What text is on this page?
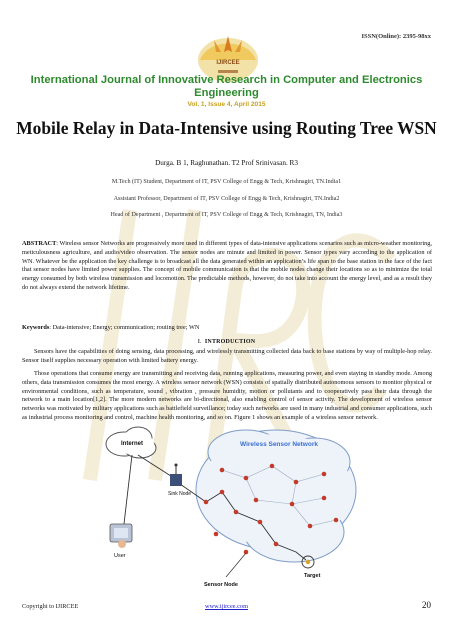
ISSN(Online): 2395-98xx
IJIRCEE
International Journal of Innovative Research in Computer and Electronics Engineering
Vol. 1, Issue 4, April 2015
Mobile Relay in Data-Intensive using Routing Tree WSN
Durga. B 1, Raghunathan. T2 Prof Srinivasan. R3
M.Tech (IT) Student, Department of IT, PSV College of Engg & Tech, Krishnagiri, TN.India1
Assistant Professor, Department of IT, PSV College of Engg & Tech, Krishnagiri, TN.India2
Head of Department , Department of IT, PSV College of Engg & Tech, Krishnagiri, TN, India3
ABSTRACT: Wireless sensor Networks are progressively more used in different types of data-intensive applications scenarios such as micro-weather monitoring, meticulousness agriculture, and audio/video observation. The sensor nodes are minute and limited in power. Sensor types vary according to the application of WN. Whatever be the application the key challenge is to broadcast all the data generated within an application’s life span to the base station in the face of the fact that sensor nodes have limited power supplies. The concept of mobile communication is that the mobile nodes change their locations so as to minimize the total energy consumed by both wireless transmission and locomotion. The predictable methods, however, do not take into account the energy level, and as a result they do not always extend the network lifetime.
Keywords: Data-intensive; Energy; communication; routing tree; WN
I. INTRODUCTION
Sensors have the capabilities of doing sensing, data processing, and wirelessly transmitting collected data back to base stations by way of multiple-hop relay. Sensor itself supplies necessary operation with limited battery energy.
Those operations that consume energy are transmitting and receiving data, running applications, measuring power, and even staying in standby mode. Among others, data transmission consumes the most energy. A wireless sensor network (WSN) consists of spatially distributed autonomous sensors to monitor physical or environmental conditions, such as temperature, sound , vibration , pressure humidity, motion or pollutants and to cooperatively pass their data through the network to a main location[1,2]. The more modern networks are bi-directional, also enabling control of sensor activity. The development of wireless sensor networks was motivated by military applications such as battlefield surveillance; today such networks are used in many industrial and consumer applications, such as industrial process monitoring and control, machine health monitoring, and so on. Figure 1 shows an example of a wireless sensor network.
Wireless Sensor Network
Internet
Sink Node
User
Target
Sensor Node
Copyright to IJIRCEE	www.ijircee.com	20
